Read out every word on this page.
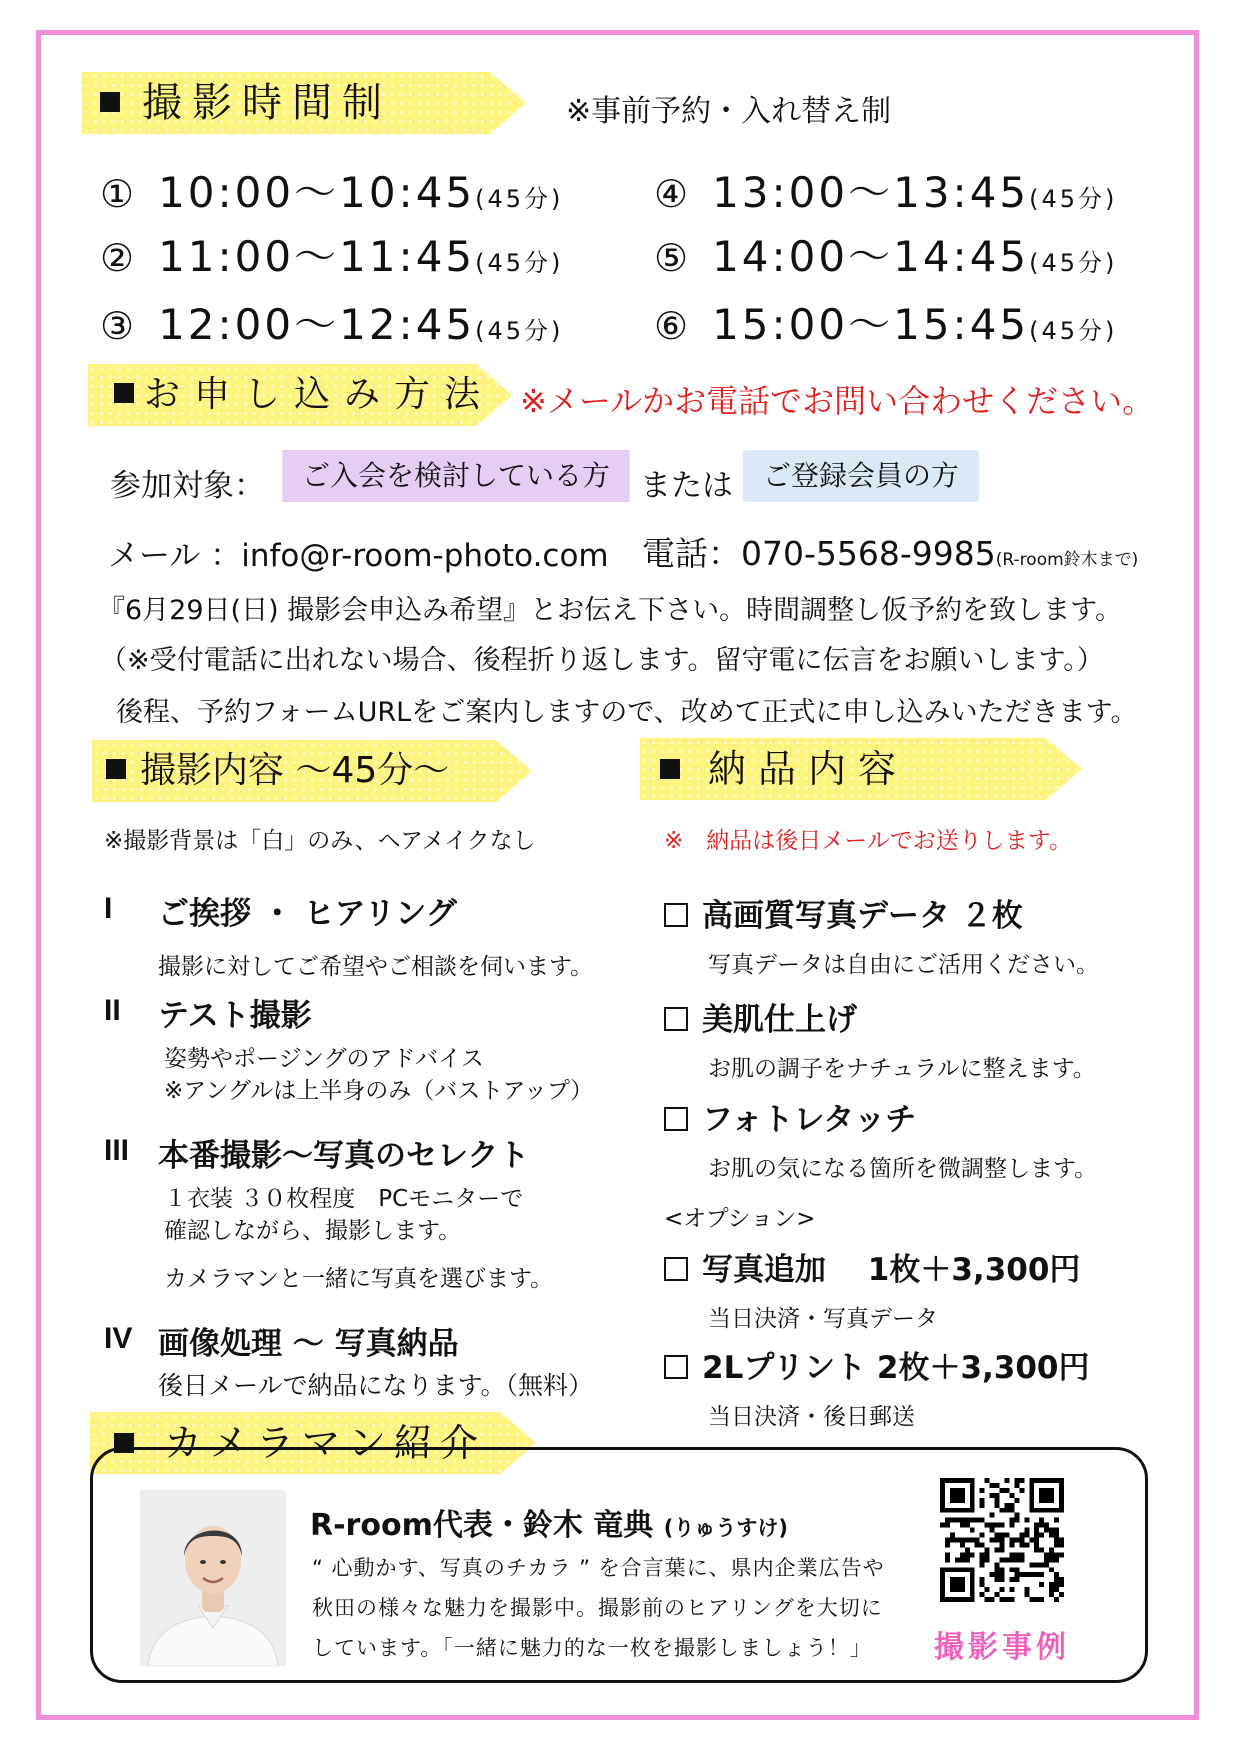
撮影時間制	※事前予約・入れ替え制
① 10:00〜10:45(45分)
② 11:00〜11:45(45分)
③ 12:00〜12:45(45分)
④ 13:00〜13:45(45分)
⑤ 14:00〜14:45(45分)
⑥ 15:00〜15:45(45分)
お申し込み方法 ※メールかお電話でお問い合わせください。
参加対象：	ご入会を検討している方 または	ご登録会員の方
メール ：info@r-room-photo.com 電話：070-5568-9985(R-room鈴木まで)
『6月29日(日) 撮影会申込み希望』とお伝え下さい。時間調整し仮予約を致します。
（※受付電話に出れない場合、後程折り返します。留守電に伝言をお願いします。）
後程、予約フォームURLをご案内しますので、改めて正式に申し込みいただきます。
撮影内容 〜45分〜
※撮影背景は「白」のみ、ヘアメイクなし
I ご挨拶 ・ ヒアリング
撮影に対してご希望やご相談を伺います。
II テスト撮影
姿勢やポージングのアドバイス
※アングルは上半身のみ（バストアップ）
III 本番撮影〜写真のセレクト
１衣装 ３０枚程度　PCモニターで
確認しながら、撮影します。
カメラマンと一緒に写真を選びます。
IV 画像処理 〜 写真納品
後日メールで納品になります。（無料）
納品内容
※　納品は後日メールでお送りします。
高画質写真データ ２枚
写真データは自由にご活用ください。
美肌仕上げ
お肌の調子をナチュラルに整えます。
フォトレタッチ
お肌の気になる箇所を微調整します。
<オプション>
写真追加　 1枚＋3,300円
当日決済・写真データ
2Lプリント 2枚＋3,300円
当日決済・後日郵送
カメラマン紹介
R-room代表・鈴木 竜典 (りゅうすけ)
“ 心動かす、写真のチカラ ” を合言葉に、県内企業広告や
秋田の様々な魅力を撮影中。撮影前のヒアリングを大切に
しています。「一緒に魅力的な一枚を撮影しましょう！」 撮影事例
